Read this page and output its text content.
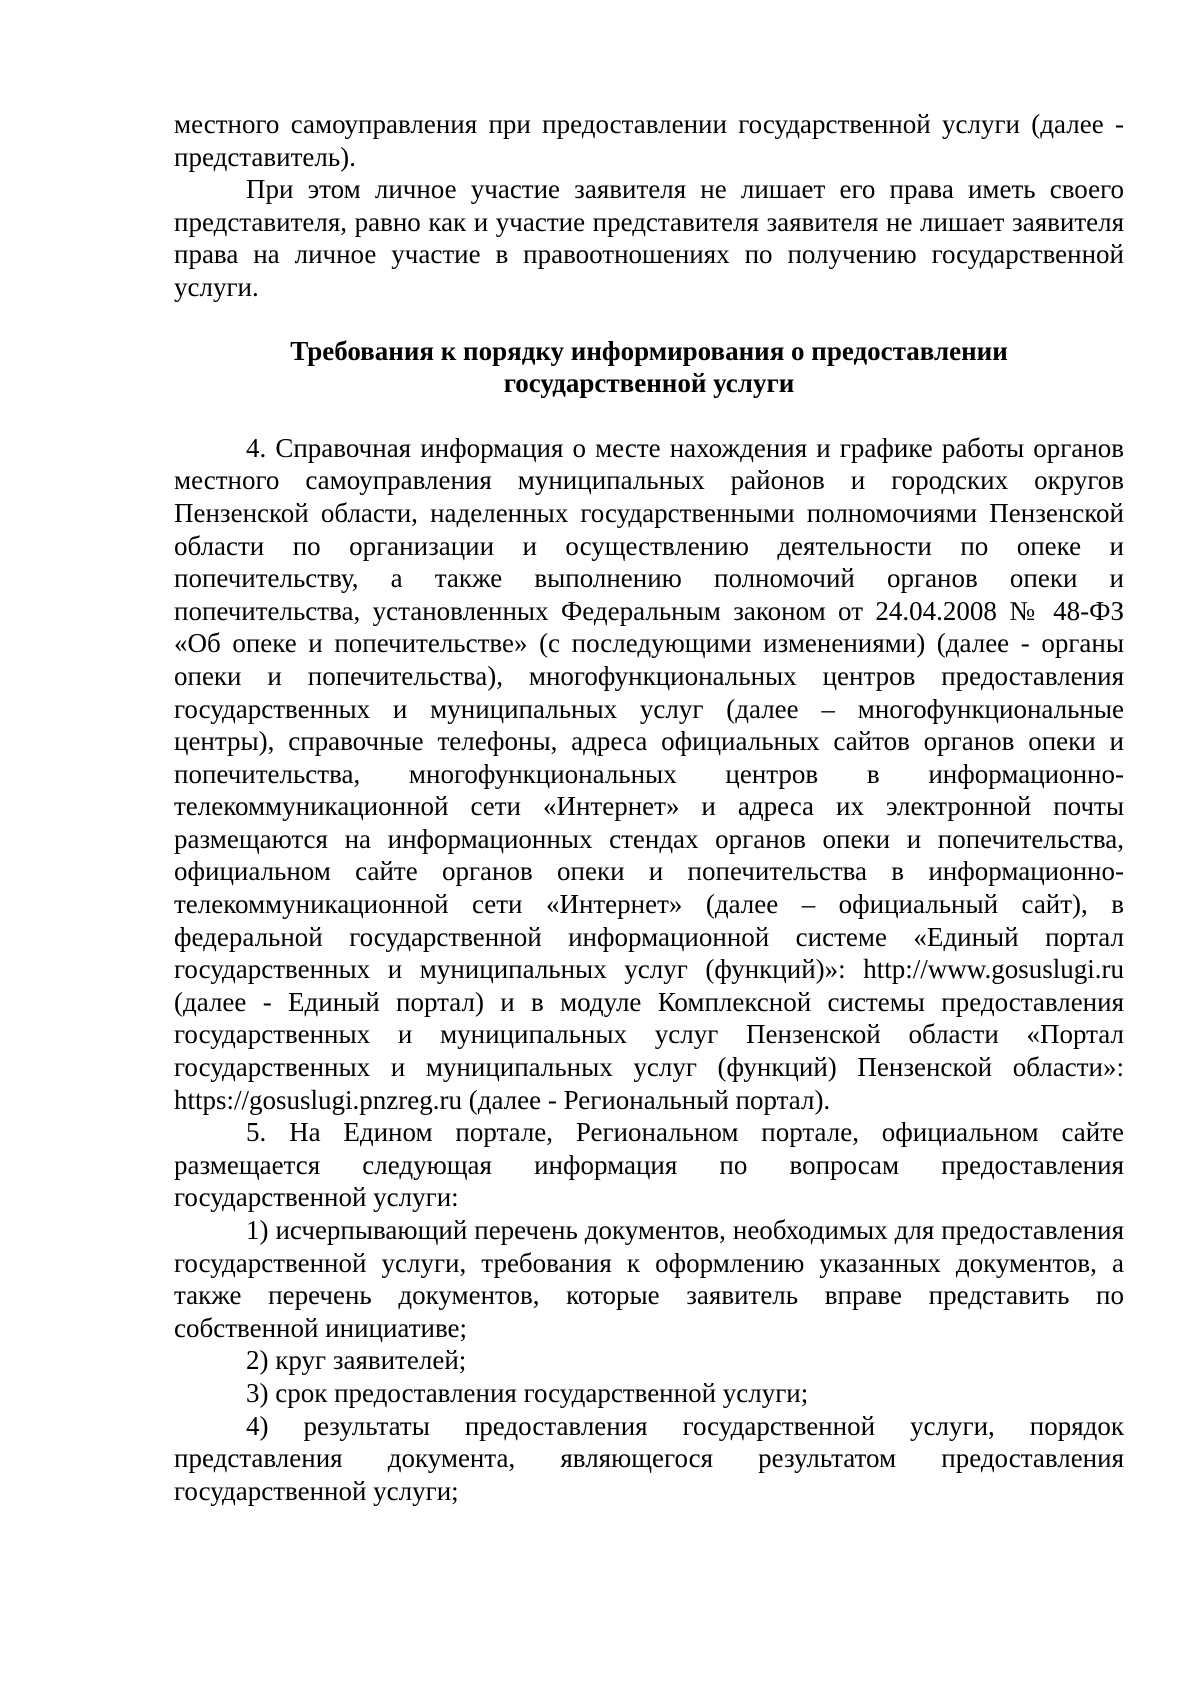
местного самоуправления при предоставлении государственной услуги (далее - представитель).

При этом личное участие заявителя не лишает его права иметь своего представителя, равно как и участие представителя заявителя не лишает заявителя права на личное участие в правоотношениях по получению государственной услуги.

Требования к порядку информирования о предоставлении
государственной услуги

4. Справочная информация о месте нахождения и графике работы органов местного самоуправления муниципальных районов и городских округов Пензенской области, наделенных государственными полномочиями Пензенской области по организации и осуществлению деятельности по опеке и попечительству, а также выполнению полномочий органов опеки и попечительства, установленных Федеральным законом от 24.04.2008 № 48-ФЗ «Об опеке и попечительстве» (с последующими изменениями) (далее - органы опеки и попечительства), многофункциональных центров предоставления государственных и муниципальных услуг (далее – многофункциональные центры), справочные телефоны, адреса официальных сайтов органов опеки и попечительства, многофункциональных центров в информационно-телекоммуникационной сети «Интернет» и адреса их электронной почты размещаются на информационных стендах органов опеки и попечительства, официальном сайте органов опеки и попечительства в информационно-телекоммуникационной сети «Интернет» (далее – официальный сайт), в федеральной государственной информационной системе «Единый портал государственных и муниципальных услуг (функций)»: http://www.gosuslugi.ru (далее - Единый портал) и в модуле Комплексной системы предоставления государственных и муниципальных услуг Пензенской области «Портал государственных и муниципальных услуг (функций) Пензенской области»: https://gosuslugi.pnzreg.ru (далее - Региональный портал).

5. На Едином портале, Региональном портале, официальном сайте размещается следующая информация по вопросам предоставления государственной услуги:

1) исчерпывающий перечень документов, необходимых для предоставления государственной услуги, требования к оформлению указанных документов, а также перечень документов, которые заявитель вправе представить по собственной инициативе;

2) круг заявителей;

3) срок предоставления государственной услуги;

4) результаты предоставления государственной услуги, порядок представления документа, являющегося результатом предоставления государственной услуги;
